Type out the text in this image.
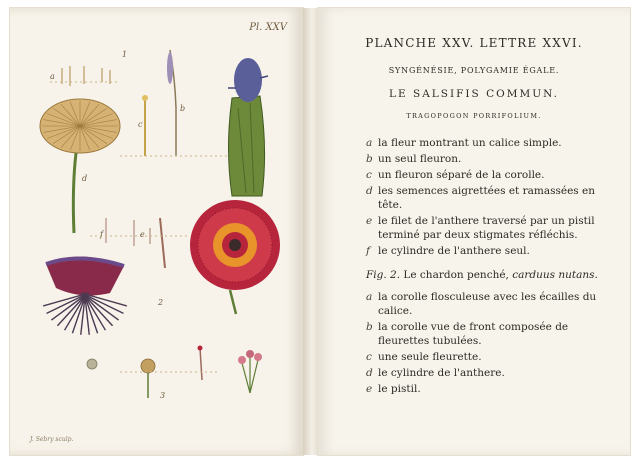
Pl. XXV
1
2
3
a
b
c
d
e
f
J. Sebry sculp.
PLANCHE XXV. LETTRE XXVI.
SYNGÉNÉSIE, POLYGAMIE ÉGALE.
LE SALSIFIS COMMUN.
TRAGOPOGON PORRIFOLIUM.
a la fleur montrant un calice simple.
b un seul fleuron.
c un fleuron séparé de la corolle.
d les semences aigrettées et ramassées en tête.
e le filet de l'anthere traversé par un pistil terminé par deux stigmates réfléchis.
f le cylindre de l'anthere seul.
Fig. 2. Le chardon penché, carduus nutans.
a la corolle flosculeuse avec les écailles du calice.
b la corolle vue de front composée de fleurettes tubulées.
c une seule fleurette.
d le cylindre de l'anthere.
e le pistil.
